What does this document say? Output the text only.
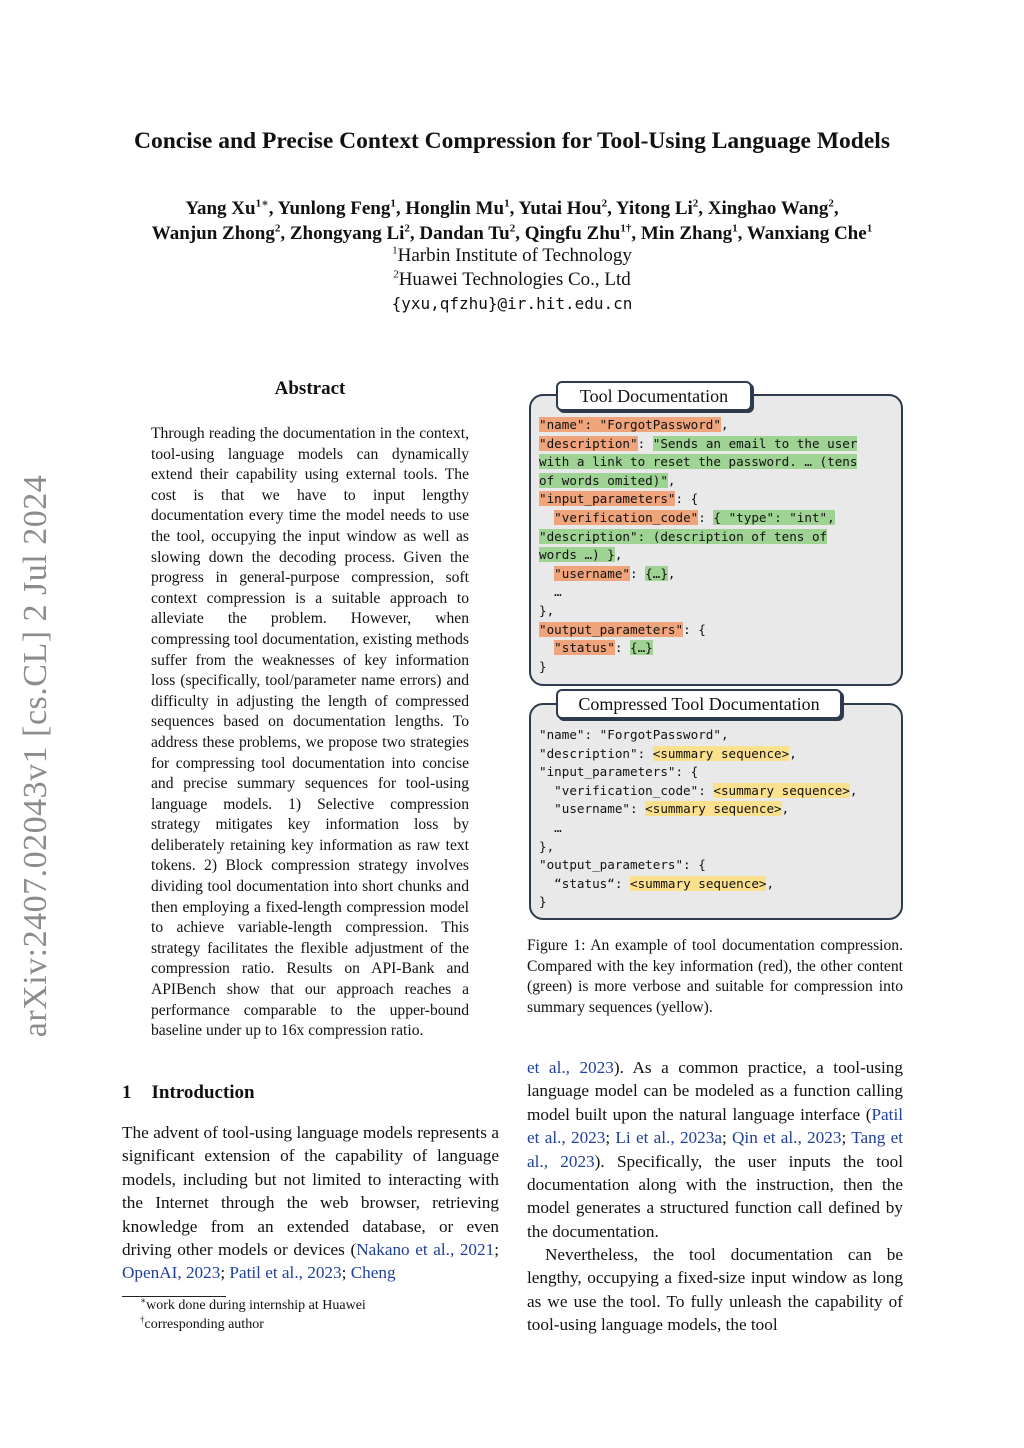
Concise and Precise Context Compression for Tool-Using Language Models
Yang $Xu^{1∗}$, Yunlong Feng$^1$, Honglin Mu$^1$, Yutai Hou$^2$, Yitong Li$^2$, Xinghao Wang$^2$,
Wanjun Zhong$^2$, Zhongyang Li$^2$, Dandan Tu$^2$, Qingfu Zhu$^{1\dagger}$, Min Zhang$^1$, Wanxiang Che$^1$
$^1$Harbin Institute of Technology
$^2$Huawei Technologies Co., Ltd
{yxu,qfzhu}@ir.hit.edu.cn
arXiv:2407.02043v1 [cs.CL] 2 Jul 2024
Abstract
Through reading the documentation in the context, tool-using language models can dynamically extend their capability using external tools. The cost is that we have to input lengthy documentation every time the model needs to use the tool, occupying the input window as well as slowing down the decoding process. Given the progress in general-purpose compression, soft context compression is a suitable approach to alleviate the problem. However, when compressing tool documentation, existing methods suffer from the weaknesses of key information loss (specifically, tool/parameter name errors) and difficulty in adjusting the length of compressed sequences based on documentation lengths. To address these problems, we propose two strategies for compressing tool documentation into concise and precise summary sequences for tool-using language models. 1) Selective compression strategy mitigates key information loss by deliberately retaining key information as raw text tokens. 2) Block compression strategy involves dividing tool documentation into short chunks and then employing a fixed-length compression model to achieve variable-length compression. This strategy facilitates the flexible adjustment of the compression ratio. Results on API-Bank and APIBench show that our approach reaches a performance comparable to the upper-bound baseline under up to 16x compression ratio.
1 Introduction
The advent of tool-using language models represents a significant extension of the capability of language models, including but not limited to interacting with the Internet through the web browser, retrieving knowledge from an extended database, or even driving other models or devices (Nakano et al., 2021; OpenAI, 2023; Patil et al., 2023; Cheng
∗work done during internship at Huawei
†corresponding author
Tool Documentation
"name": "ForgotPassword",
"description": "Sends an email to the user
with a link to reset the password. … (tens
of words omited)",
"input_parameters": {
"verification_code": { "type": "int",
"description": (description of tens of
words …) },
"username": {…},
…
},
"output_parameters": {
"status": {…}
}
Compressed Tool Documentation
"name": "ForgotPassword",
"description": <summary sequence>,
"input_parameters": {
"verification_code": <summary sequence>,
"username": <summary sequence>,
…
},
"output_parameters": {
“status“: <summary sequence>,
}
Figure 1: An example of tool documentation compression. Compared with the key information (red), the other content (green) is more verbose and suitable for compression into summary sequences (yellow).
et al., 2023). As a common practice, a tool-using language model can be modeled as a function calling model built upon the natural language interface (Patil et al., 2023; Li et al., 2023a; Qin et al., 2023; Tang et al., 2023). Specifically, the user inputs the tool documentation along with the instruction, then the model generates a structured function call defined by the documentation.
Nevertheless, the tool documentation can be lengthy, occupying a fixed-size input window as long as we use the tool. To fully unleash the capability of tool-using language models, the tool
